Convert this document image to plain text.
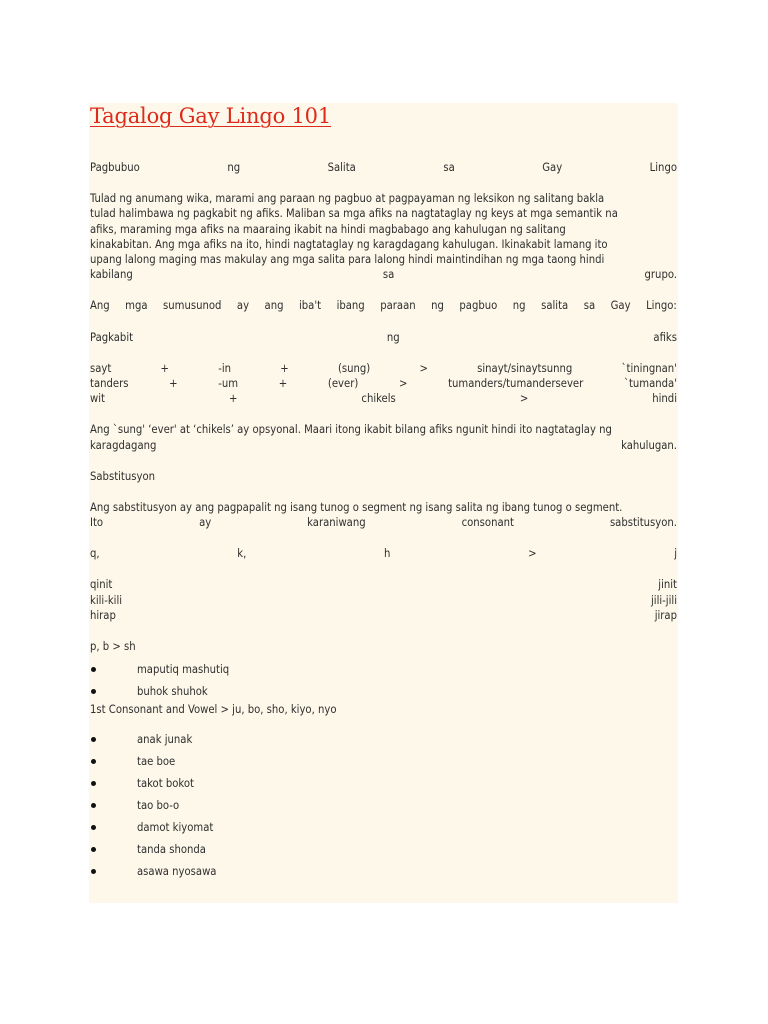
Tagalog Gay Lingo 101
Pagbubuo	ng	Salita	sa	Gay	Lingo

Tulad ng anumang wika, marami ang paraan ng pagbuo at pagpayaman ng leksikon ng salitang bakla

tulad halimbawa ng pagkabit ng afiks. Maliban sa mga afiks na nagtataglay ng keys at mga semantik na

afiks, maraming mga afiks na maaraing ikabit na hindi magbabago ang kahulugan ng salitang

kinakabitan. Ang mga afiks na ito, hindi nagtataglay ng karagdagang kahulugan. Ikinakabit lamang ito

upang lalong maging mas makulay ang mga salita para lalong hindi maintindihan ng mga taong hindi

kabilang	sa	grupo.
Ang mga sumusunod ay ang iba't ibang paraan ng pagbuo ng salita sa Gay Lingo:
Pagkabit	ng	afiks
sayt	+	-in	+	(sung)	>	sinayt/sinaytsunng	`tiningnan'
tanders	+	-um	+	(ever)	>	tumanders/tumandersever	`tumanda'
wit	+	chikels	>	hindi
Ang `sung' ‘ever' at ‘chikels’ ay opsyonal. Maari itong ikabit bilang afiks ngunit hindi ito nagtataglay ng
karagdagang	kahulugan.
Sabstitusyon
Ang sabstitusyon ay ang pagpapalit ng isang tunog o segment ng isang salita ng ibang tunog o segment.
Ito	ay	karaniwang	consonant	sabstitusyon.
q,	k,	h	>	j
qinit	jinit
kili-kili	jili-jili
hirap	jirap
p, b > sh
maputiq mashutiq
buhok shuhok
1st Consonant and Vowel > ju, bo, sho, kiyo, nyo
anak junak
tae boe
takot bokot
tao bo-o
damot kiyomat
tanda shonda
asawa nyosawa
